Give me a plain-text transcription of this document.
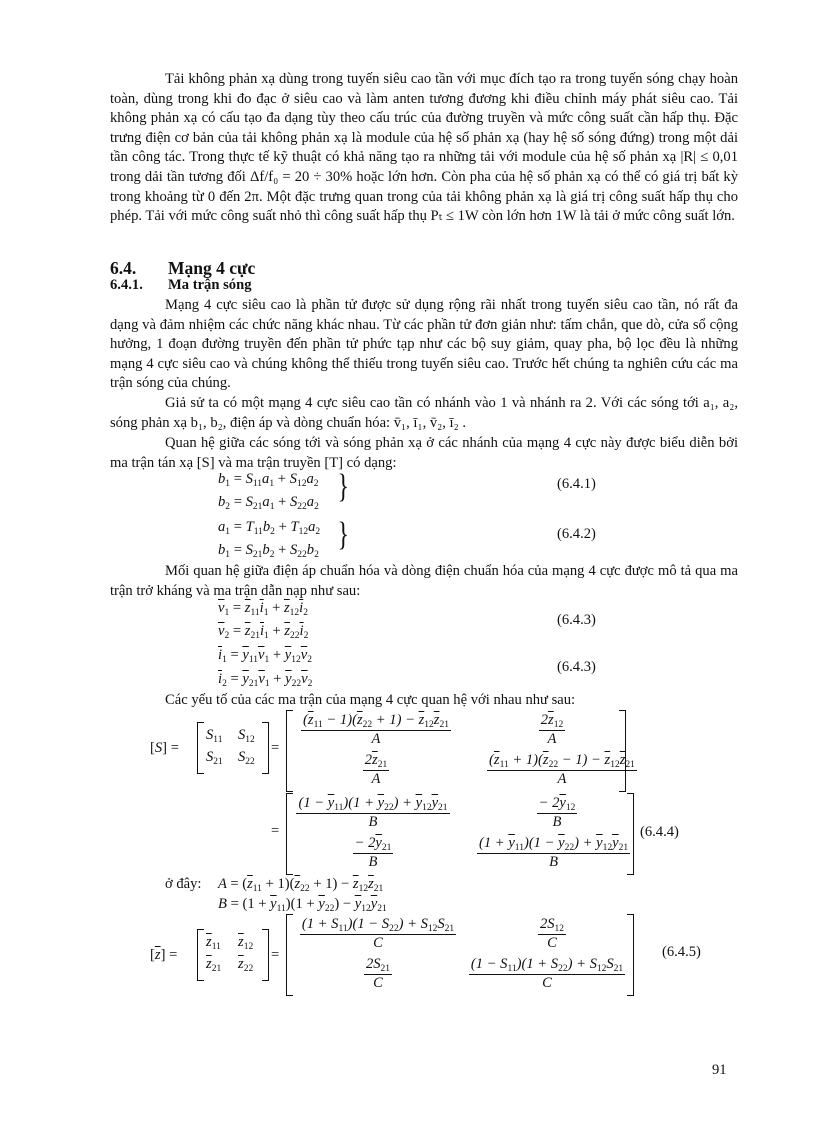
Tải không phản xạ dùng trong tuyến siêu cao tần với mục đích tạo ra trong tuyến sóng chạy hoàn toàn, dùng trong khi đo đạc ở siêu cao và làm anten tương đương khi điều chỉnh máy phát siêu cao. Tải không phản xạ có cấu tạo đa dạng tùy theo cấu trúc của đường truyền và mức công suất cần hấp thụ. Đặc trưng điện cơ bản của tải không phản xạ là module của hệ số phản xạ (hay hệ số sóng đứng) trong một dải tần công tác. Trong thực tế kỹ thuật có khả năng tạo ra những tải với module của hệ số phản xạ |R| ≤ 0,01 trong dải tần tương đối Δf/f₀ = 20 ÷ 30% hoặc lớn hơn. Còn pha của hệ số phản xạ có thể có giá trị bất kỳ trong khoảng từ 0 đến 2π. Một đặc trưng quan trong của tải không phản xạ là giá trị công suất hấp thụ cho phép. Tải với mức công suất nhỏ thì công suất hấp thụ Pₜ ≤ 1W còn lớn hơn 1W là tải ở mức công suất lớn.

6.4. Mạng 4 cực
6.4.1. Ma trận sóng

Mạng 4 cực siêu cao là phần tử được sử dụng rộng rãi nhất trong tuyến siêu cao tần, nó rất đa dạng và đảm nhiệm các chức năng khác nhau. Từ các phần tử đơn giản như: tấm chắn, que dò, cửa sổ cộng hưởng, 1 đoạn đường truyền đến phần tử phức tạp như các bộ suy giảm, quay pha, bộ lọc đều là những mạng 4 cực siêu cao và chúng không thể thiếu trong tuyến siêu cao. Trước hết chúng ta nghiên cứu các ma trận sóng của chúng.

Giả sử ta có một mạng 4 cực siêu cao tần có nhánh vào 1 và nhánh ra 2. Với các sóng tới a₁, a₂, sóng phản xạ b₁, b₂, điện áp và dòng chuẩn hóa: v̄₁, ī₁, v̄₂, ī₂ .

Quan hệ giữa các sóng tới và sóng phản xạ ở các nhánh của mạng 4 cực này được biểu diễn bởi ma trận tán xạ [S] và ma trận truyền [T] có dạng:

$b_1 = S_{11}a_1 + S_{12}a_2$
$b_2 = S_{21}a_1 + S_{22}a_2$
}	(6.4.1)
$a_1 = T_{11}b_2 + T_{12}a_2$
$b_1 = S_{21}b_2 + S_{22}b_2$
}	(6.4.2)

Mối quan hệ giữa điện áp chuẩn hóa và dòng điện chuẩn hóa của mạng 4 cực được mô tả qua ma trận trở kháng và ma trận dẫn nạp như sau:

$\overline{v}_1 = \overline{z}_{11}\overline{i}_1 + \overline{z}_{12}\overline{i}_2$
$\overline{v}_2 = \overline{z}_{21}\overline{i}_1 + \overline{z}_{22}\overline{i}_2$
(6.4.3)
$\overline{i}_1 = \overline{y}_{11}\overline{v}_1 + \overline{y}_{12}\overline{v}_2$
$\overline{i}_2 = \overline{y}_{21}\overline{v}_1 + \overline{y}_{22}\overline{v}_2$
(6.4.3)
Các yếu tố của các ma trận của mạng 4 cực quan hệ với nhau như sau:
[S] =
$S_{11}$ $S_{12}$
$S_{21}$ $S_{22}$
= $\frac{(\overline{z}_{11} - 1)(\overline{z}_{22} + 1) - \overline{z}_{12}\overline{z}_{21}}{A}$	$\frac{2\overline{z}_{12}}{A}$
$\frac{2\overline{z}_{21}}{A}$	$\frac{(\overline{z}_{11} + 1)(\overline{z}_{22} - 1) - \overline{z}_{12}\overline{z}_{21}}{A}$
= $\frac{(1 - \overline{y}_{11})(1 + \overline{y}_{22}) + \overline{y}_{12}\overline{y}_{21}}{B}$	$\frac{- 2\overline{y}_{12}}{B}$
$\frac{- 2\overline{y}_{21}}{B}$	$\frac{(1 + \overline{y}_{11})(1 - \overline{y}_{22}) + \overline{y}_{12}\overline{y}_{21}}{B}$
(6.4.4)
ở đây: $A = (\overline{z}_{11} + 1)(\overline{z}_{22} + 1) - \overline{z}_{12}\overline{z}_{21}$
$B = (1 + \overline{y}_{11})(1 + \overline{y}_{22}) - \overline{y}_{12}\overline{y}_{21}$
$[\overline{z}]$ =
$\overline{z}_{11}$ $\overline{z}_{12}$
$\overline{z}_{21}$ $\overline{z}_{22}$
=
$\frac{(1 + S_{11})(1 - S_{22}) + S_{12}S_{21}}{C}$	$\frac{2S_{12}}{C}$
$\frac{2S_{21}}{C}$	$\frac{(1 - S_{11})(1 + S_{22}) + S_{12}S_{21}}{C}$
(6.4.5)
91
